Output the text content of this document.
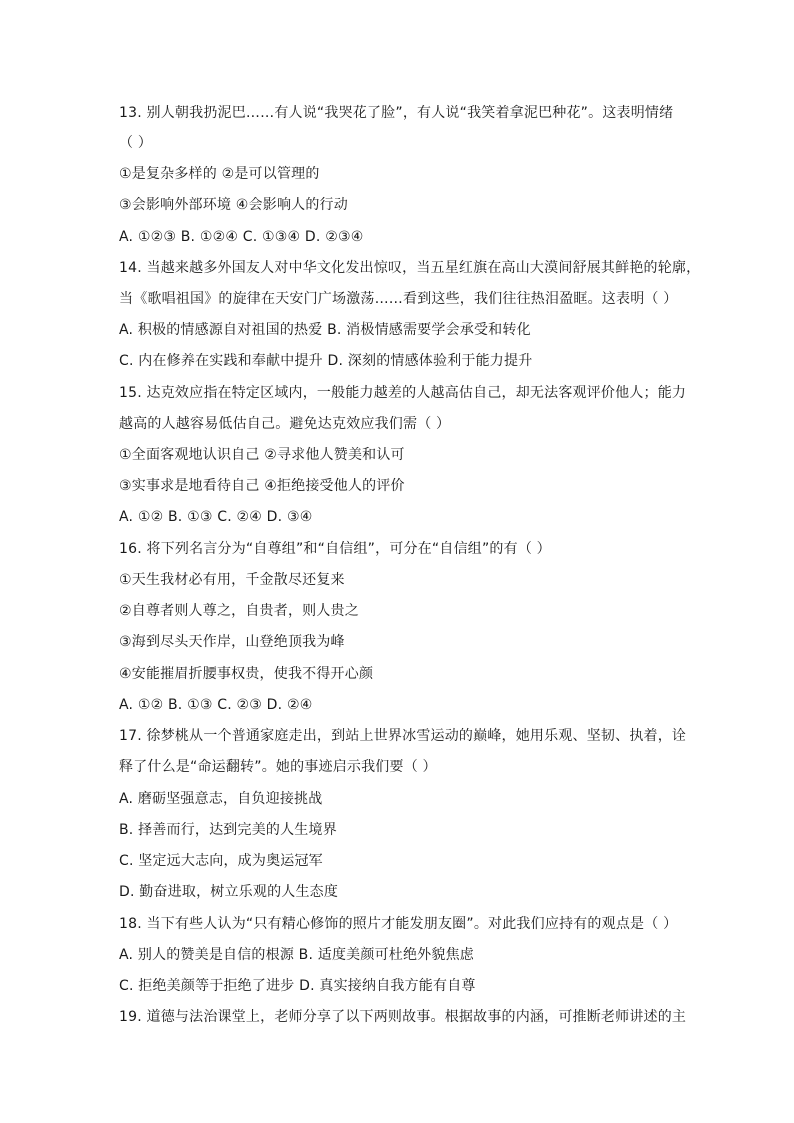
13. 别人朝我扔泥巴……有人说“我哭花了脸”，有人说“我笑着拿泥巴种花”。这表明情绪
（ ）
①是复杂多样的 ②是可以管理的
③会影响外部环境 ④会影响人的行动
A. ①②③ B. ①②④ C. ①③④ D. ②③④
14. 当越来越多外国友人对中华文化发出惊叹，当五星红旗在高山大漠间舒展其鲜艳的轮廓，
当《歌唱祖国》的旋律在天安门广场激荡……看到这些，我们往往热泪盈眶。这表明（ ）
A. 积极的情感源自对祖国的热爱 B. 消极情感需要学会承受和转化
C. 内在修养在实践和奉献中提升 D. 深刻的情感体验利于能力提升
15. 达克效应指在特定区域内，一般能力越差的人越高估自己，却无法客观评价他人；能力
越高的人越容易低估自己。避免达克效应我们需（ ）
①全面客观地认识自己 ②寻求他人赞美和认可
③实事求是地看待自己 ④拒绝接受他人的评价
A. ①② B. ①③ C. ②④ D. ③④
16. 将下列名言分为“自尊组”和“自信组”，可分在“自信组”的有（ ）
①天生我材必有用，千金散尽还复来
②自尊者则人尊之，自贵者，则人贵之
③海到尽头天作岸，山登绝顶我为峰
④安能摧眉折腰事权贵，使我不得开心颜
A. ①② B. ①③ C. ②③ D. ②④
17. 徐梦桃从一个普通家庭走出，到站上世界冰雪运动的巅峰，她用乐观、坚韧、执着，诠
释了什么是“命运翻转”。她的事迹启示我们要（ ）
A. 磨砺坚强意志，自负迎接挑战
B. 择善而行，达到完美的人生境界
C. 坚定远大志向，成为奥运冠军
D. 勤奋进取，树立乐观的人生态度
18. 当下有些人认为“只有精心修饰的照片才能发朋友圈”。对此我们应持有的观点是（ ）
A. 别人的赞美是自信的根源 B. 适度美颜可杜绝外貌焦虑
C. 拒绝美颜等于拒绝了进步 D. 真实接纳自我方能有自尊
19. 道德与法治课堂上，老师分享了以下两则故事。根据故事的内涵，可推断老师讲述的主
